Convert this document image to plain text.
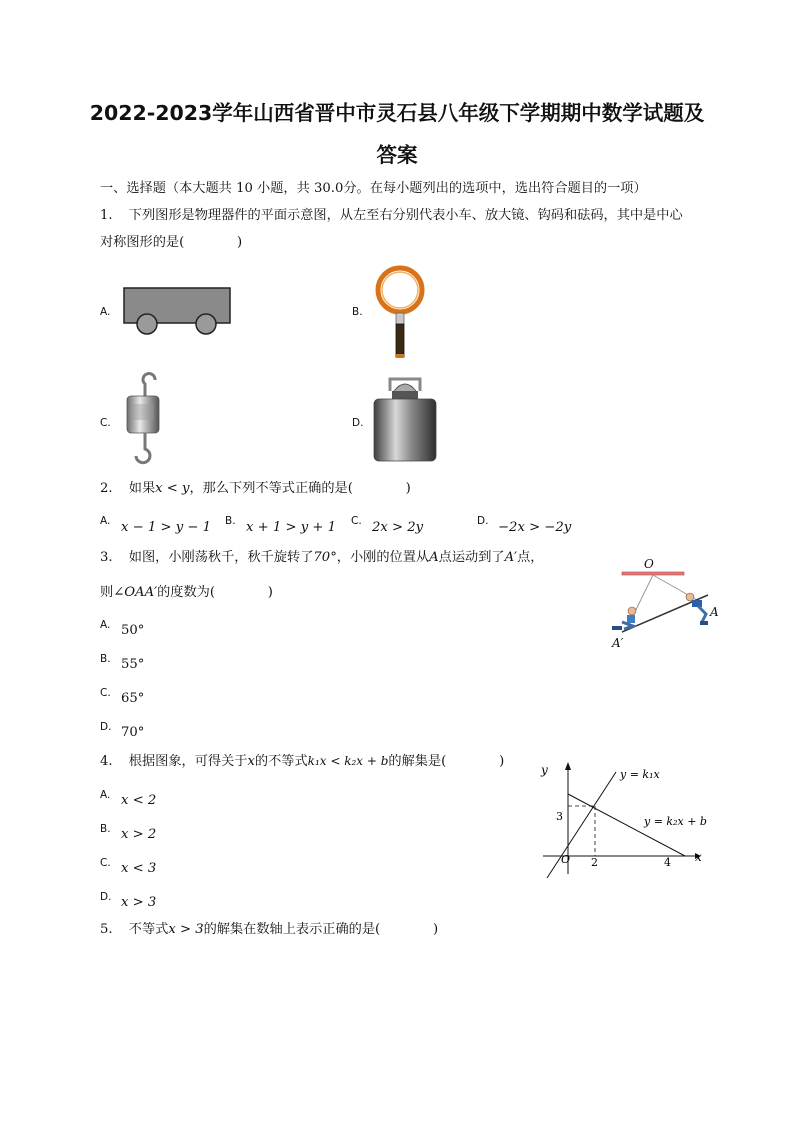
2022-2023学年山西省晋中市灵石县八年级下学期期中数学试题及
答案
一、选择题（本大题共 10 小题，共 30.0分。在每小题列出的选项中，选出符合题目的一项）
1. 下列图形是物理器件的平面示意图，从左至右分别代表小车、放大镜、钩码和砝码，其中是中心
对称图形的是(　　　　)
A.	B.
C.	D.
2. 如果x < y，那么下列不等式正确的是(　　　　)
A. x − 1 > y − 1 B. x + 1 > y + 1 C. 2x > 2y	D. −2x > −2y
3. 如图，小刚荡秋千，秋千旋转了70°，小刚的位置从A点运动到了A′点，
则∠OAA′的度数为(　　　　)
A. 50°
B. 55°
C. 65°
D. 70°
O
A
A′
4. 根据图象，可得关于x的不等式k₁x < k₂x + b的解集是(　　　　)
A. x < 2
B. x > 2
C. x < 3
D. x > 3
y
x
O 2	4
3
y = k₁x
y = k₂x + b
5. 不等式x > 3的解集在数轴上表示正确的是(　　　　)
